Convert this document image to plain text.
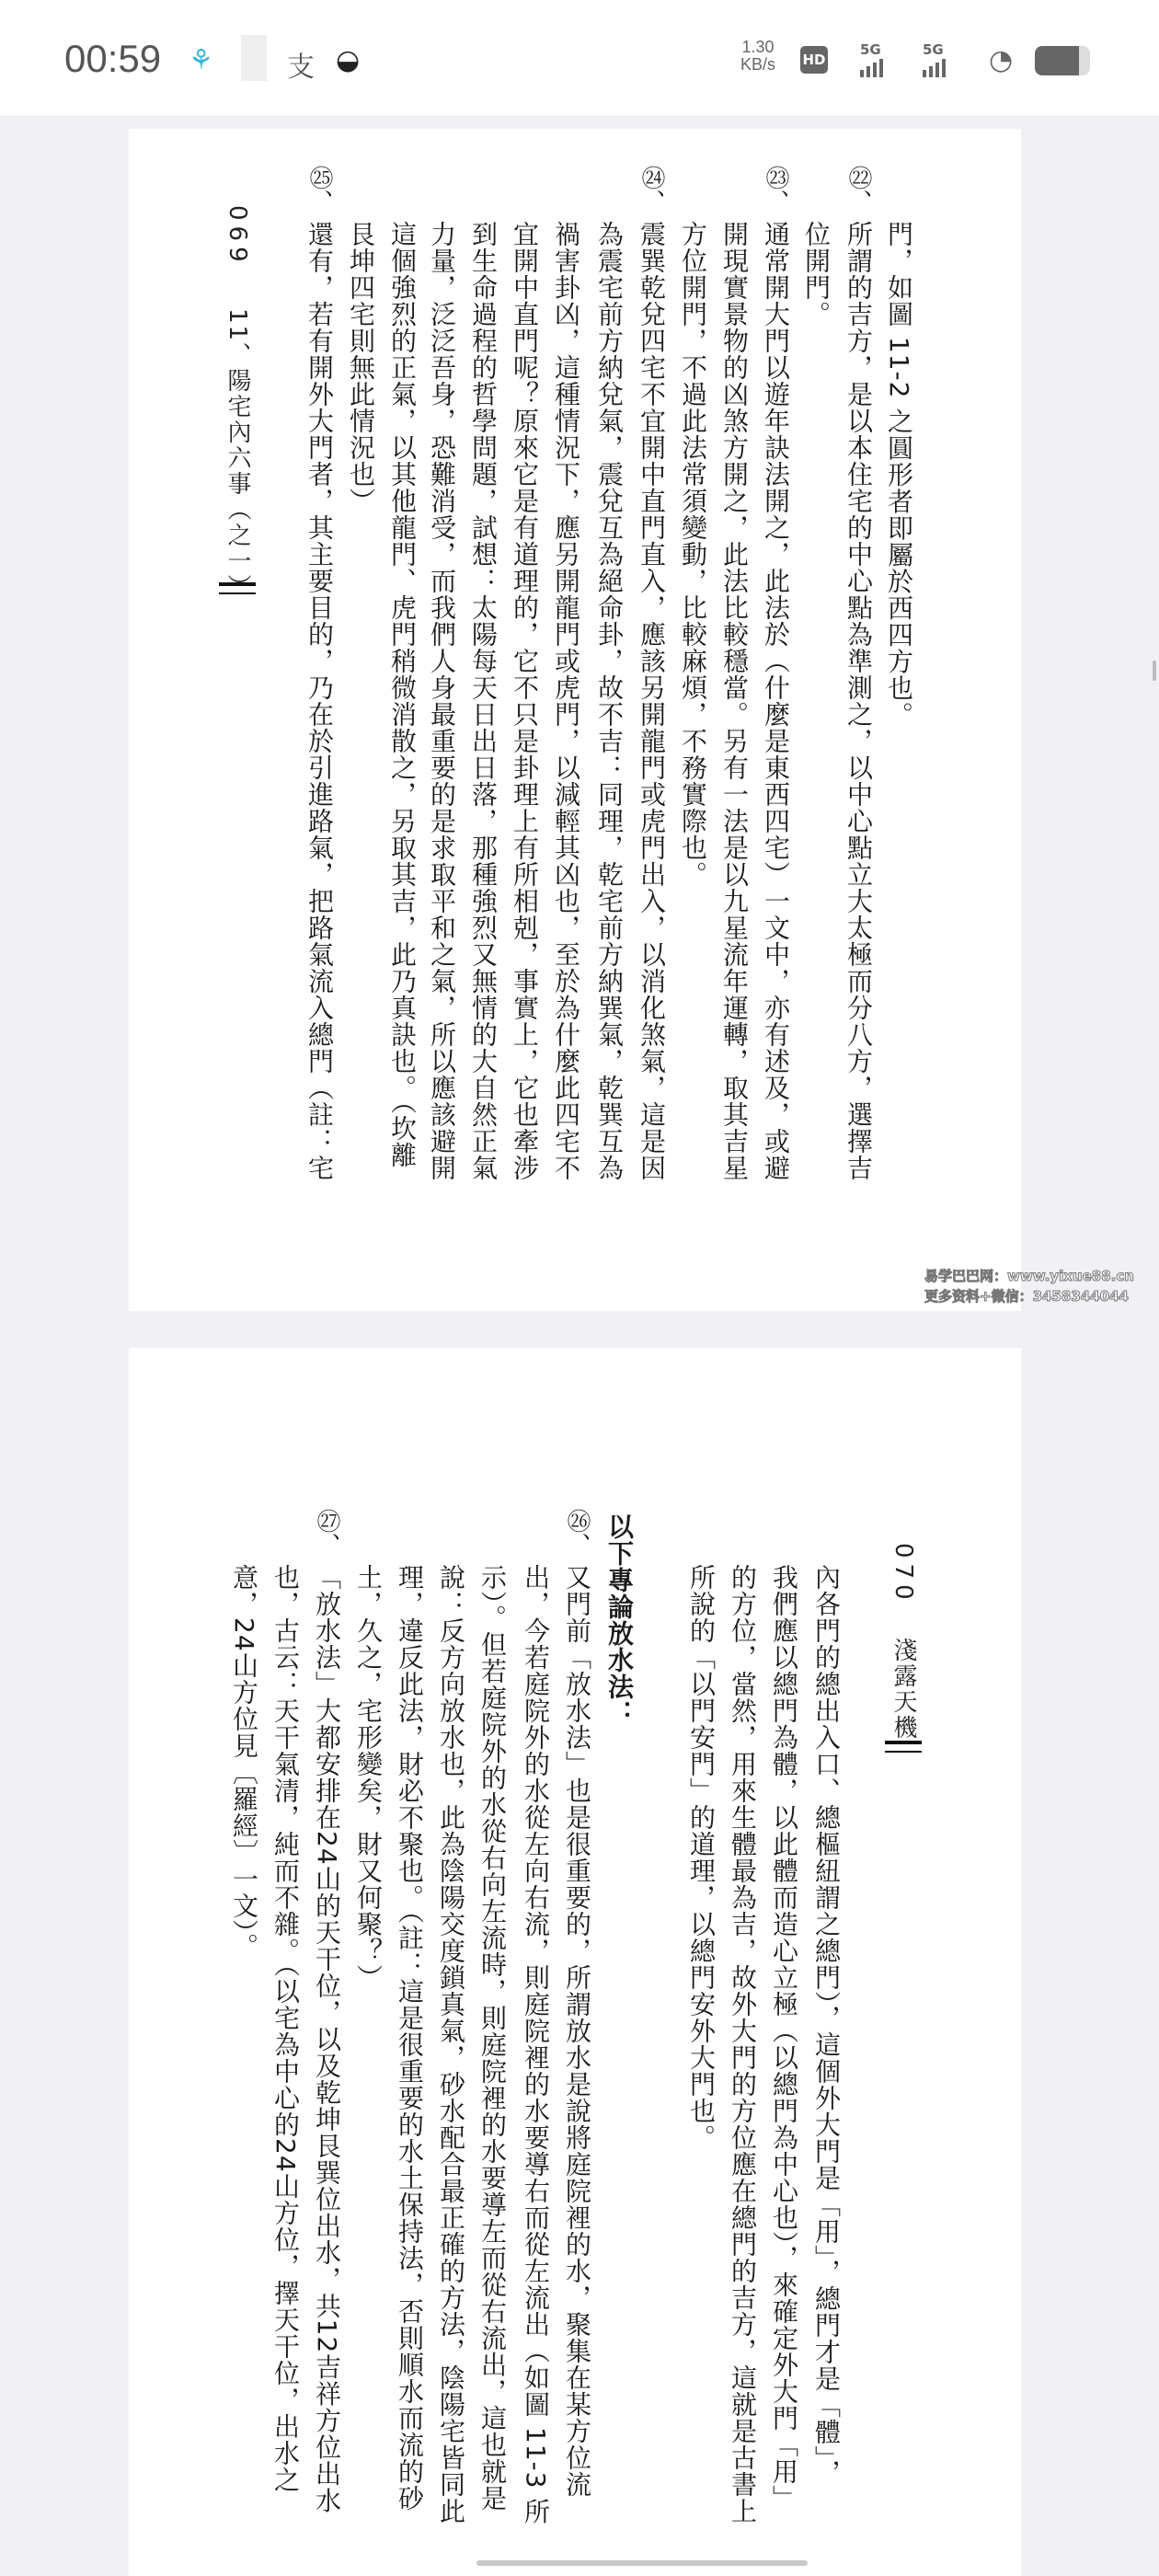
00:59 ⚘	支 ◒	1.30
KB/s HD
5G	5G ◔
069
11、陽宅內六事（之一）	門，如圖 11-2 之圓形者即屬於西四方也。
㉒、
所謂的吉方，是以本住宅的中心點為準測之，以中心點立大太極而分八方，選擇吉
位開門。
㉓、
通常開大門以遊年訣法開之，此法於（什麼是東西四宅）一文中，亦有述及，或避
開現實景物的凶煞方開之，此法比較穩當。另有一法是以九星流年運轉，取其吉星
方位開門，不過此法常須變動，比較麻煩，不務實際也。
㉔、
震巽乾兌四宅不宜開中直門直入，應該另開龍門或虎門出入，以消化煞氣，這是因
為震宅前方納兌氣，震兌互為絕命卦，故不吉：同理，乾宅前方納巽氣，乾巽互為
禍害卦凶，這種情況下，應另開龍門或虎門，以減輕其凶也，至於為什麼此四宅不
宜開中直門呢？原來它是有道理的，它不只是卦理上有所相剋，事實上，它也牽涉
到生命過程的哲學問題，試想：太陽每天日出日落，那種強烈又無情的大自然正氣
力量，泛泛吾身，恐難消受，而我們人身最重要的是求取平和之氣，所以應該避開
這個強烈的正氣，以其他龍門、虎門稍微消散之，另取其吉，此乃真訣也。（坎離
艮坤四宅則無此情況也）
㉕、
還有，若有開外大門者，其主要目的，乃在於引進路氣，把路氣流入總門（註：宅
070
淺露天機
內各門的總出入口、總樞紐謂之總門），這個外大門是「用」，總門才是「體」，
我們應以總門為體，以此體而造心立極（以總門為中心也），來確定外大門「用」
的方位，當然，用來生體最為吉，故外大門的方位應在總門的吉方，這就是古書上
所說的「以門安門」的道理，以總門安外大門也。
以下專論放水法：
㉖、
又門前「放水法」也是很重要的，所謂放水是說將庭院裡的水，聚集在某方位流
出，今若庭院外的水從左向右流，則庭院裡的水要導右而從左流出（如圖 11-3 所
示）。但若庭院外的水從右向左流時，則庭院裡的水要導左而從右流出，這也就是
說：反方向放水也，此為陰陽交度鎖真氣，砂水配合最正確的方法，陰陽宅皆同此
理，違反此法，財必不聚也。（註：這是很重要的水土保持法，否則順水而流的砂
土，久之，宅形變矣，財又何聚？）
㉗、
「放水法」大都安排在24山的天干位，以及乾坤艮巽位出水，共12吉祥方位出水
也，古云：天干氣清，純而不雜。（以宅為中心的24山方位，擇天干位，出水之
意，24山方位見〔羅經〕一文）。
易学巴巴网：www.yixue88.cn
更多资料+微信：3458344044
